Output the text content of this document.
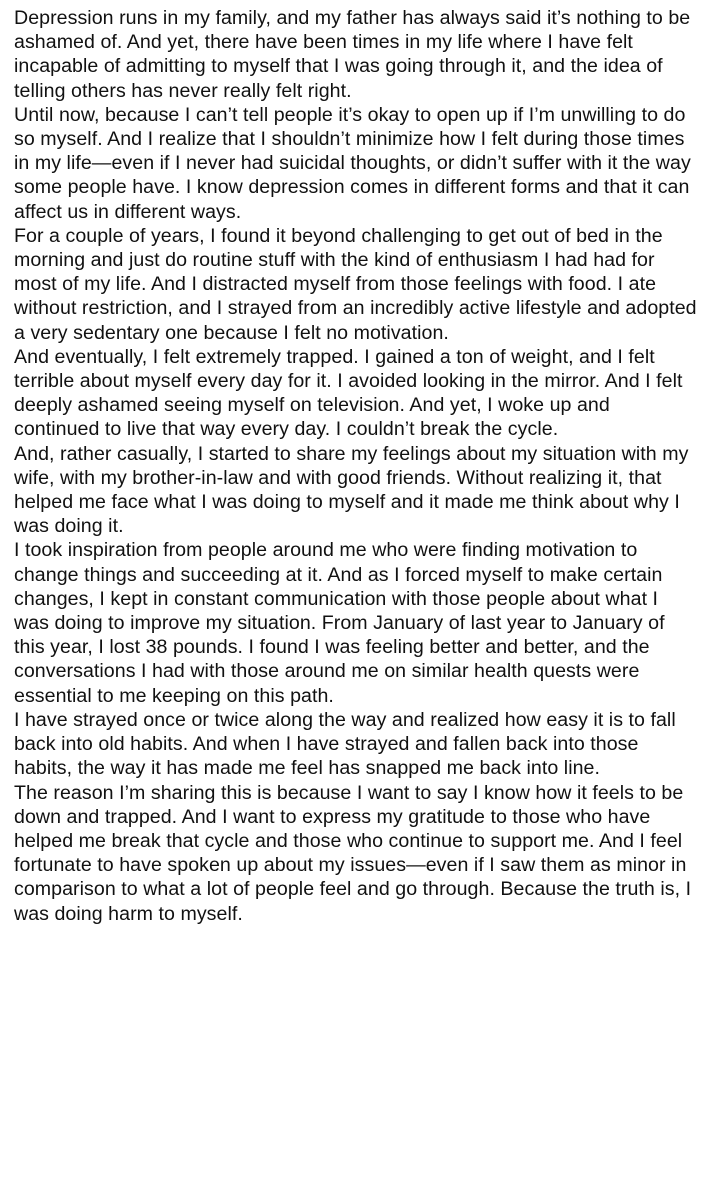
Depression runs in my family, and my father has always said it’s nothing to be ashamed of. And yet, there have been times in my life where I have felt incapable of admitting to myself that I was going through it, and the idea of telling others has never really felt right.

Until now, because I can’t tell people it’s okay to open up if I’m unwilling to do so myself. And I realize that I shouldn’t minimize how I felt during those times in my life—even if I never had suicidal thoughts, or didn’t suffer with it the way some people have. I know depression comes in different forms and that it can affect us in different ways.

For a couple of years, I found it beyond challenging to get out of bed in the morning and just do routine stuff with the kind of enthusiasm I had had for most of my life. And I distracted myself from those feelings with food. I ate without restriction, and I strayed from an incredibly active lifestyle and adopted a very sedentary one because I felt no motivation.

And eventually, I felt extremely trapped. I gained a ton of weight, and I felt terrible about myself every day for it. I avoided looking in the mirror. And I felt deeply ashamed seeing myself on television. And yet, I woke up and continued to live that way every day. I couldn’t break the cycle.

And, rather casually, I started to share my feelings about my situation with my wife, with my brother-in-law and with good friends. Without realizing it, that helped me face what I was doing to myself and it made me think about why I was doing it.

I took inspiration from people around me who were finding motivation to change things and succeeding at it. And as I forced myself to make certain changes, I kept in constant communication with those people about what I was doing to improve my situation. From January of last year to January of this year, I lost 38 pounds. I found I was feeling better and better, and the conversations I had with those around me on similar health quests were essential to me keeping on this path.

I have strayed once or twice along the way and realized how easy it is to fall back into old habits. And when I have strayed and fallen back into those habits, the way it has made me feel has snapped me back into line.

The reason I’m sharing this is because I want to say I know how it feels to be down and trapped. And I want to express my gratitude to those who have helped me break that cycle and those who continue to support me. And I feel fortunate to have spoken up about my issues—even if I saw them as minor in comparison to what a lot of people feel and go through. Because the truth is, I was doing harm to myself.
